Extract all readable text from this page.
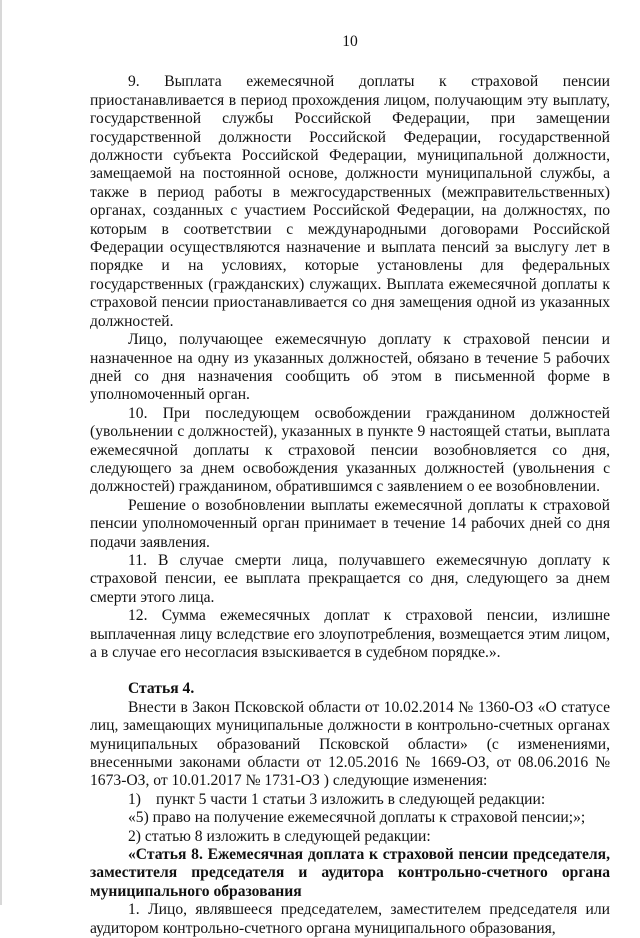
10

9. Выплата ежемесячной доплаты к страховой пенсии приостанавливается в период прохождения лицом, получающим эту выплату, государственной службы Российской Федерации, при замещении государственной должности Российской Федерации, государственной должности субъекта Российской Федерации, муниципальной должности, замещаемой на постоянной основе, должности муниципальной службы, а также в период работы в межгосударственных (межправительственных) органах, созданных с участием Российской Федерации, на должностях, по которым в соответствии с международными договорами Российской Федерации осуществляются назначение и выплата пенсий за выслугу лет в порядке и на условиях, которые установлены для федеральных государственных (гражданских) служащих. Выплата ежемесячной доплаты к страховой пенсии приостанавливается со дня замещения одной из указанных должностей.

Лицо, получающее ежемесячную доплату к страховой пенсии и назначенное на одну из указанных должностей, обязано в течение 5 рабочих дней со дня назначения сообщить об этом в письменной форме в уполномоченный орган.

10. При последующем освобождении гражданином должностей (увольнении с должностей), указанных в пункте 9 настоящей статьи, выплата ежемесячной доплаты к страховой пенсии возобновляется со дня, следующего за днем освобождения указанных должностей (увольнения с должностей) гражданином, обратившимся с заявлением о ее возобновлении.

Решение о возобновлении выплаты ежемесячной доплаты к страховой пенсии уполномоченный орган принимает в течение 14 рабочих дней со дня подачи заявления.

11. В случае смерти лица, получавшего ежемесячную доплату к страховой пенсии, ее выплата прекращается со дня, следующего за днем смерти этого лица.

12. Сумма ежемесячных доплат к страховой пенсии, излишне выплаченная лицу вследствие его злоупотребления, возмещается этим лицом, а в случае его несогласия взыскивается в судебном порядке.».

Статья 4.

Внести в Закон Псковской области от 10.02.2014 № 1360-ОЗ «О статусе лиц, замещающих муниципальные должности в контрольно-счетных органах муниципальных образований Псковской области» (с изменениями, внесенными законами области от 12.05.2016 № 1669-ОЗ, от 08.06.2016 № 1673-ОЗ, от 10.01.2017 № 1731-ОЗ ) следующие изменения:

1) пункт 5 части 1 статьи 3 изложить в следующей редакции:

«5) право на получение ежемесячной доплаты к страховой пенсии;»;

2) статью 8 изложить в следующей редакции:

«Статья 8. Ежемесячная доплата к страховой пенсии председателя, заместителя председателя и аудитора контрольно-счетного органа муниципального образования

1. Лицо, являвшееся председателем, заместителем председателя или аудитором контрольно-счетного органа муниципального образования,
